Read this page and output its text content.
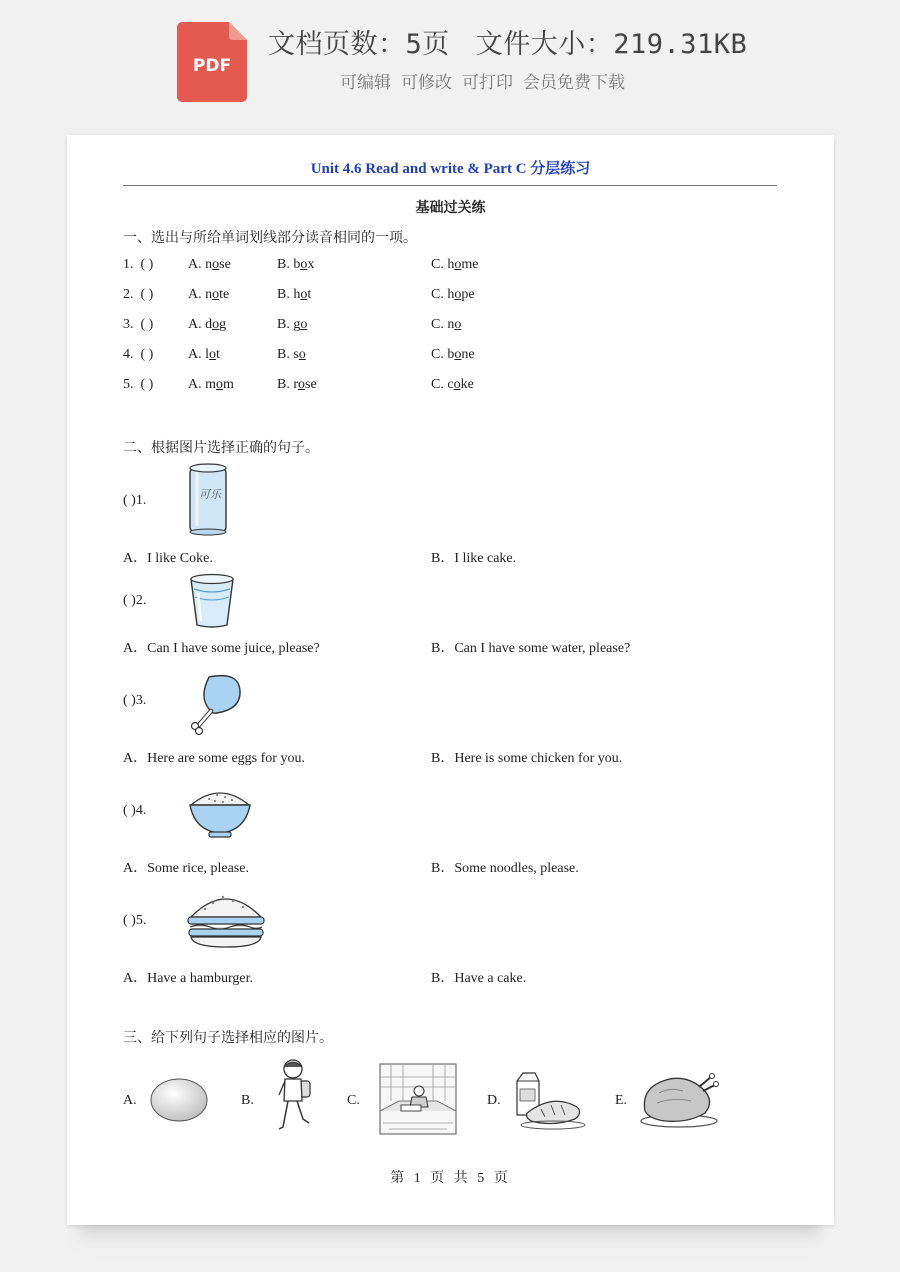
PDF
文档页数：5页 文件大小：219.31KB
可编辑 可修改 可打印 会员免费下载
Unit 4.6 Read and write & Part C 分层练习
基础过关练
一、选出与所给单词划线部分读音相同的一项。
1. ( ) A. nose	B. box	C. home
2. ( ) A. note	B. hot	C. hope
3. ( ) A. dog	B. go	C. no
4. ( ) A. lot	B. so	C. bone
5. ( ) A. mom	B. rose	C. coke
二、根据图片选择正确的句子。
( )1.	可乐
A．I like Coke.	B．I like cake.
( )2.
A．Can I have some juice, please?	B．Can I have some water, please?
( )3.
A．Here are some eggs for you.	B．Here is some chicken for you.
( )4.
A．Some rice, please.	B．Some noodles, please.
( )5.
A．Have a hamburger.	B．Have a cake.
三、给下列句子选择相应的图片。
A.	B.	C.	D.	E.
第 1 页 共 5 页
